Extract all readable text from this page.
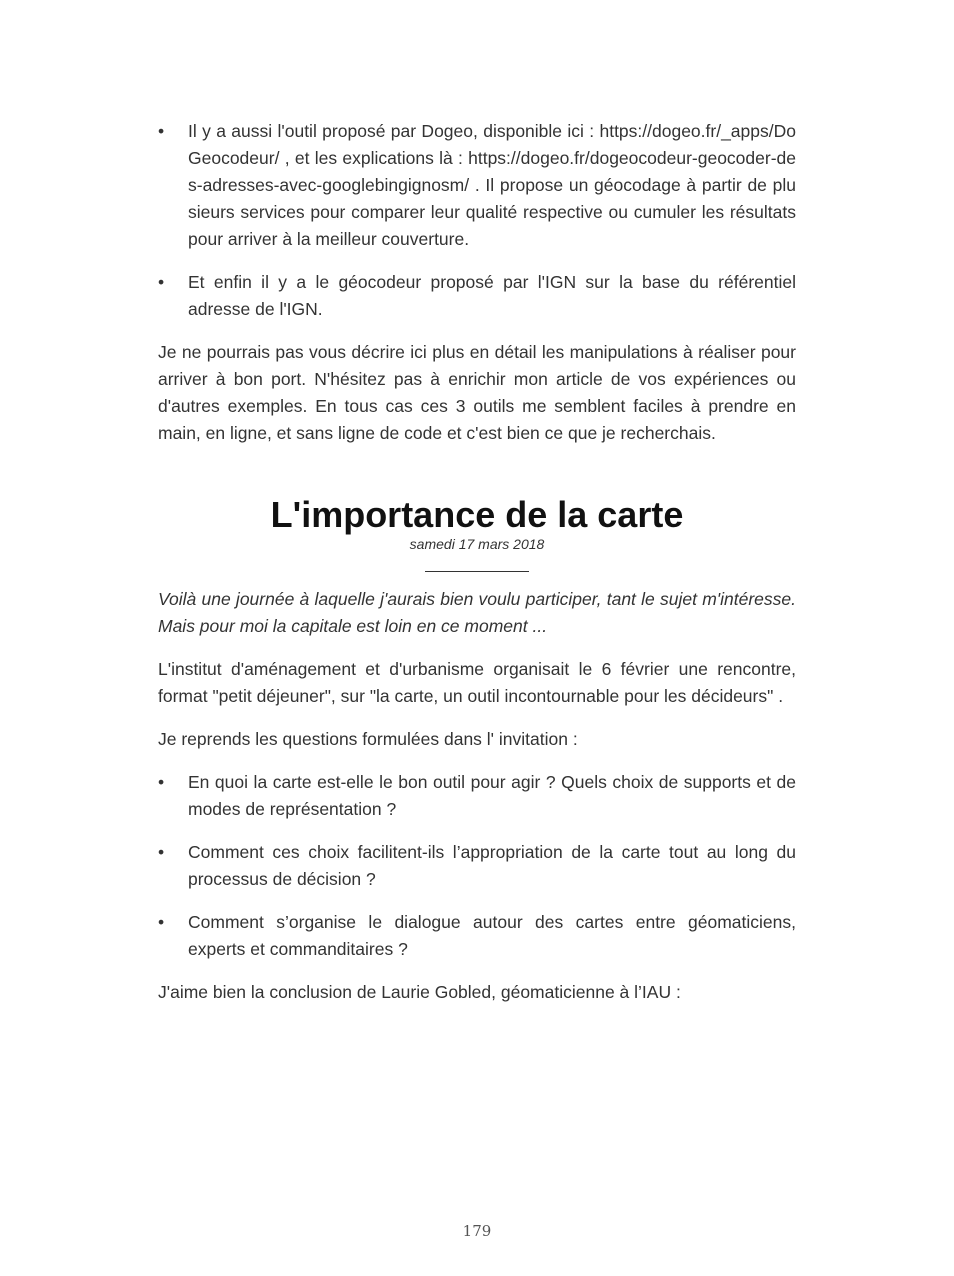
•	Il y a aussi l'outil proposé par Dogeo, disponible ici : https://dogeo.fr/_apps/DoGeocodeur/ , et les explications là : https://dogeo.fr/dogeocodeur-geocoder-des-adresses-avec-googlebingignosm/ . Il propose un géocodage à partir de plusieurs services pour comparer leur qualité respective ou cumuler les résultats pour arriver à la meilleur couverture.
•	Et enfin il y a le géocodeur proposé par l'IGN sur la base du référentiel adresse de l'IGN.

Je ne pourrais pas vous décrire ici plus en détail les manipulations à réaliser pour arriver à bon port. N'hésitez pas à enrichir mon article de vos expériences ou d'autres exemples. En tous cas ces 3 outils me semblent faciles à prendre en main, en ligne, et sans ligne de code et c'est bien ce que je recherchais.

L'importance de la carte
samedi 17 mars 2018

Voilà une journée à laquelle j'aurais bien voulu participer, tant le sujet m'intéresse. Mais pour moi la capitale est loin en ce moment ...

L'institut d'aménagement et d'urbanisme organisait le 6 février une rencontre, format "petit déjeuner", sur "la carte, un outil incontournable pour les décideurs" .

Je reprends les questions formulées dans l' invitation :

•	En quoi la carte est-elle le bon outil pour agir ? Quels choix de supports et de modes de représentation ?
•	Comment ces choix facilitent-ils l’appropriation de la carte tout au long du processus de décision ?
•	Comment s’organise le dialogue autour des cartes entre géomaticiens, experts et commanditaires ?

J'aime bien la conclusion de Laurie Gobled, géomaticienne à l’IAU :

179
